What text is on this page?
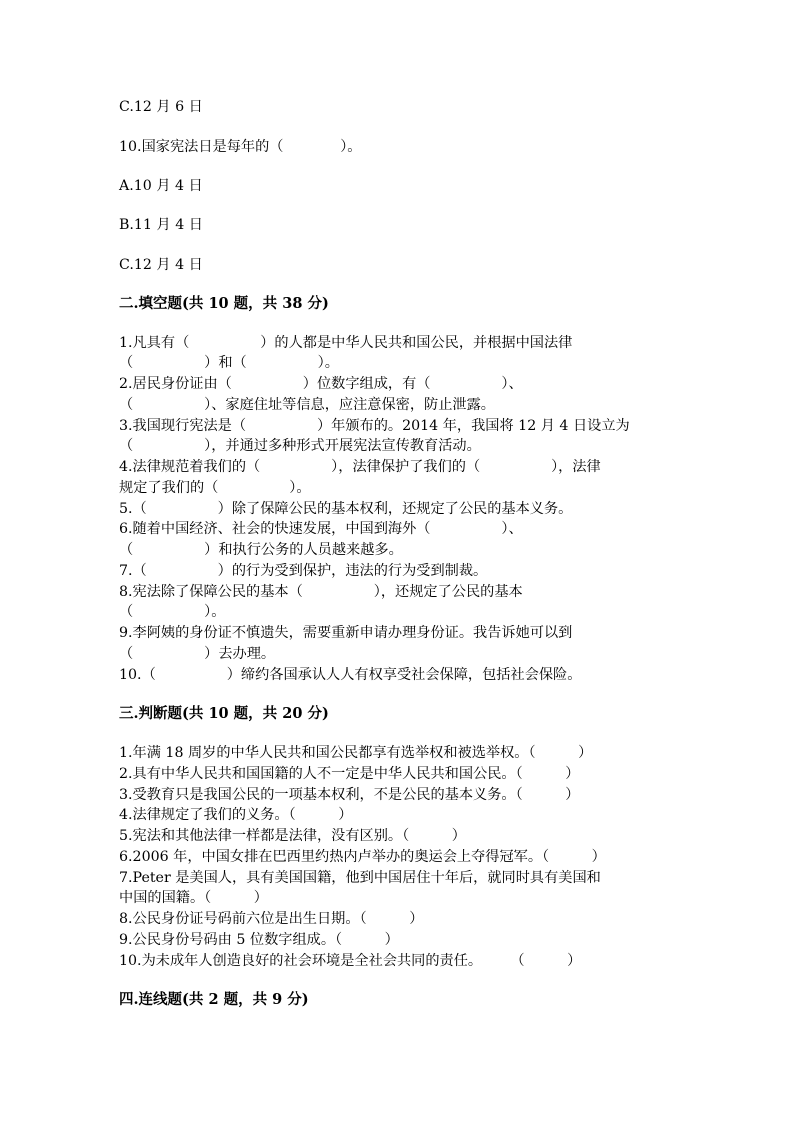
C.12 月 6 日
10.国家宪法日是每年的（　　　　）。
A.10 月 4 日
B.11 月 4 日
C.12 月 4 日
二.填空题(共 10 题，共 38 分)
1.凡具有（　　　　　）的人都是中华人民共和国公民，并根据中国法律
（　　　　　）和（　　　　　）。
2.居民身份证由（　　　　　）位数字组成，有（　　　　　）、
（　　　　　）、家庭住址等信息，应注意保密，防止泄露。
3.我国现行宪法是（　　　　　）年颁布的。2014 年，我国将 12 月 4 日设立为
（　　　　　），并通过多种形式开展宪法宣传教育活动。
4.法律规范着我们的（　　　　　），法律保护了我们的（　　　　　），法律
规定了我们的（　　　　　）。
5.（　　　　　）除了保障公民的基本权利，还规定了公民的基本义务。
6.随着中国经济、社会的快速发展，中国到海外（　　　　　）、
（　　　　　）和执行公务的人员越来越多。
7.（　　　　　）的行为受到保护，违法的行为受到制裁。
8.宪法除了保障公民的基本（　　　　　），还规定了公民的基本
（　　　　　）。
9.李阿姨的身份证不慎遗失，需要重新申请办理身份证。我告诉她可以到
（　　　　　）去办理。
10.（　　　　　）缔约各国承认人人有权享受社会保障，包括社会保险。
三.判断题(共 10 题，共 20 分)
1.年满 18 周岁的中华人民共和国公民都享有选举权和被选举权。（　　　）
2.具有中华人民共和国国籍的人不一定是中华人民共和国公民。（　　　）
3.受教育只是我国公民的一项基本权利，不是公民的基本义务。（　　　）
4.法律规定了我们的义务。（　　　）
5.宪法和其他法律一样都是法律，没有区别。（　　　）
6.2006 年，中国女排在巴西里约热内卢举办的奥运会上夺得冠军。（　　　）
7.Peter 是美国人，具有美国国籍，他到中国居住十年后，就同时具有美国和
中国的国籍。（　　　）
8.公民身份证号码前六位是出生日期。（　　　）
9.公民身份号码由 5 位数字组成。（　　　）
10.为未成年人创造良好的社会环境是全社会共同的责任。　　　（　　　）
四.连线题(共 2 题，共 9 分)
